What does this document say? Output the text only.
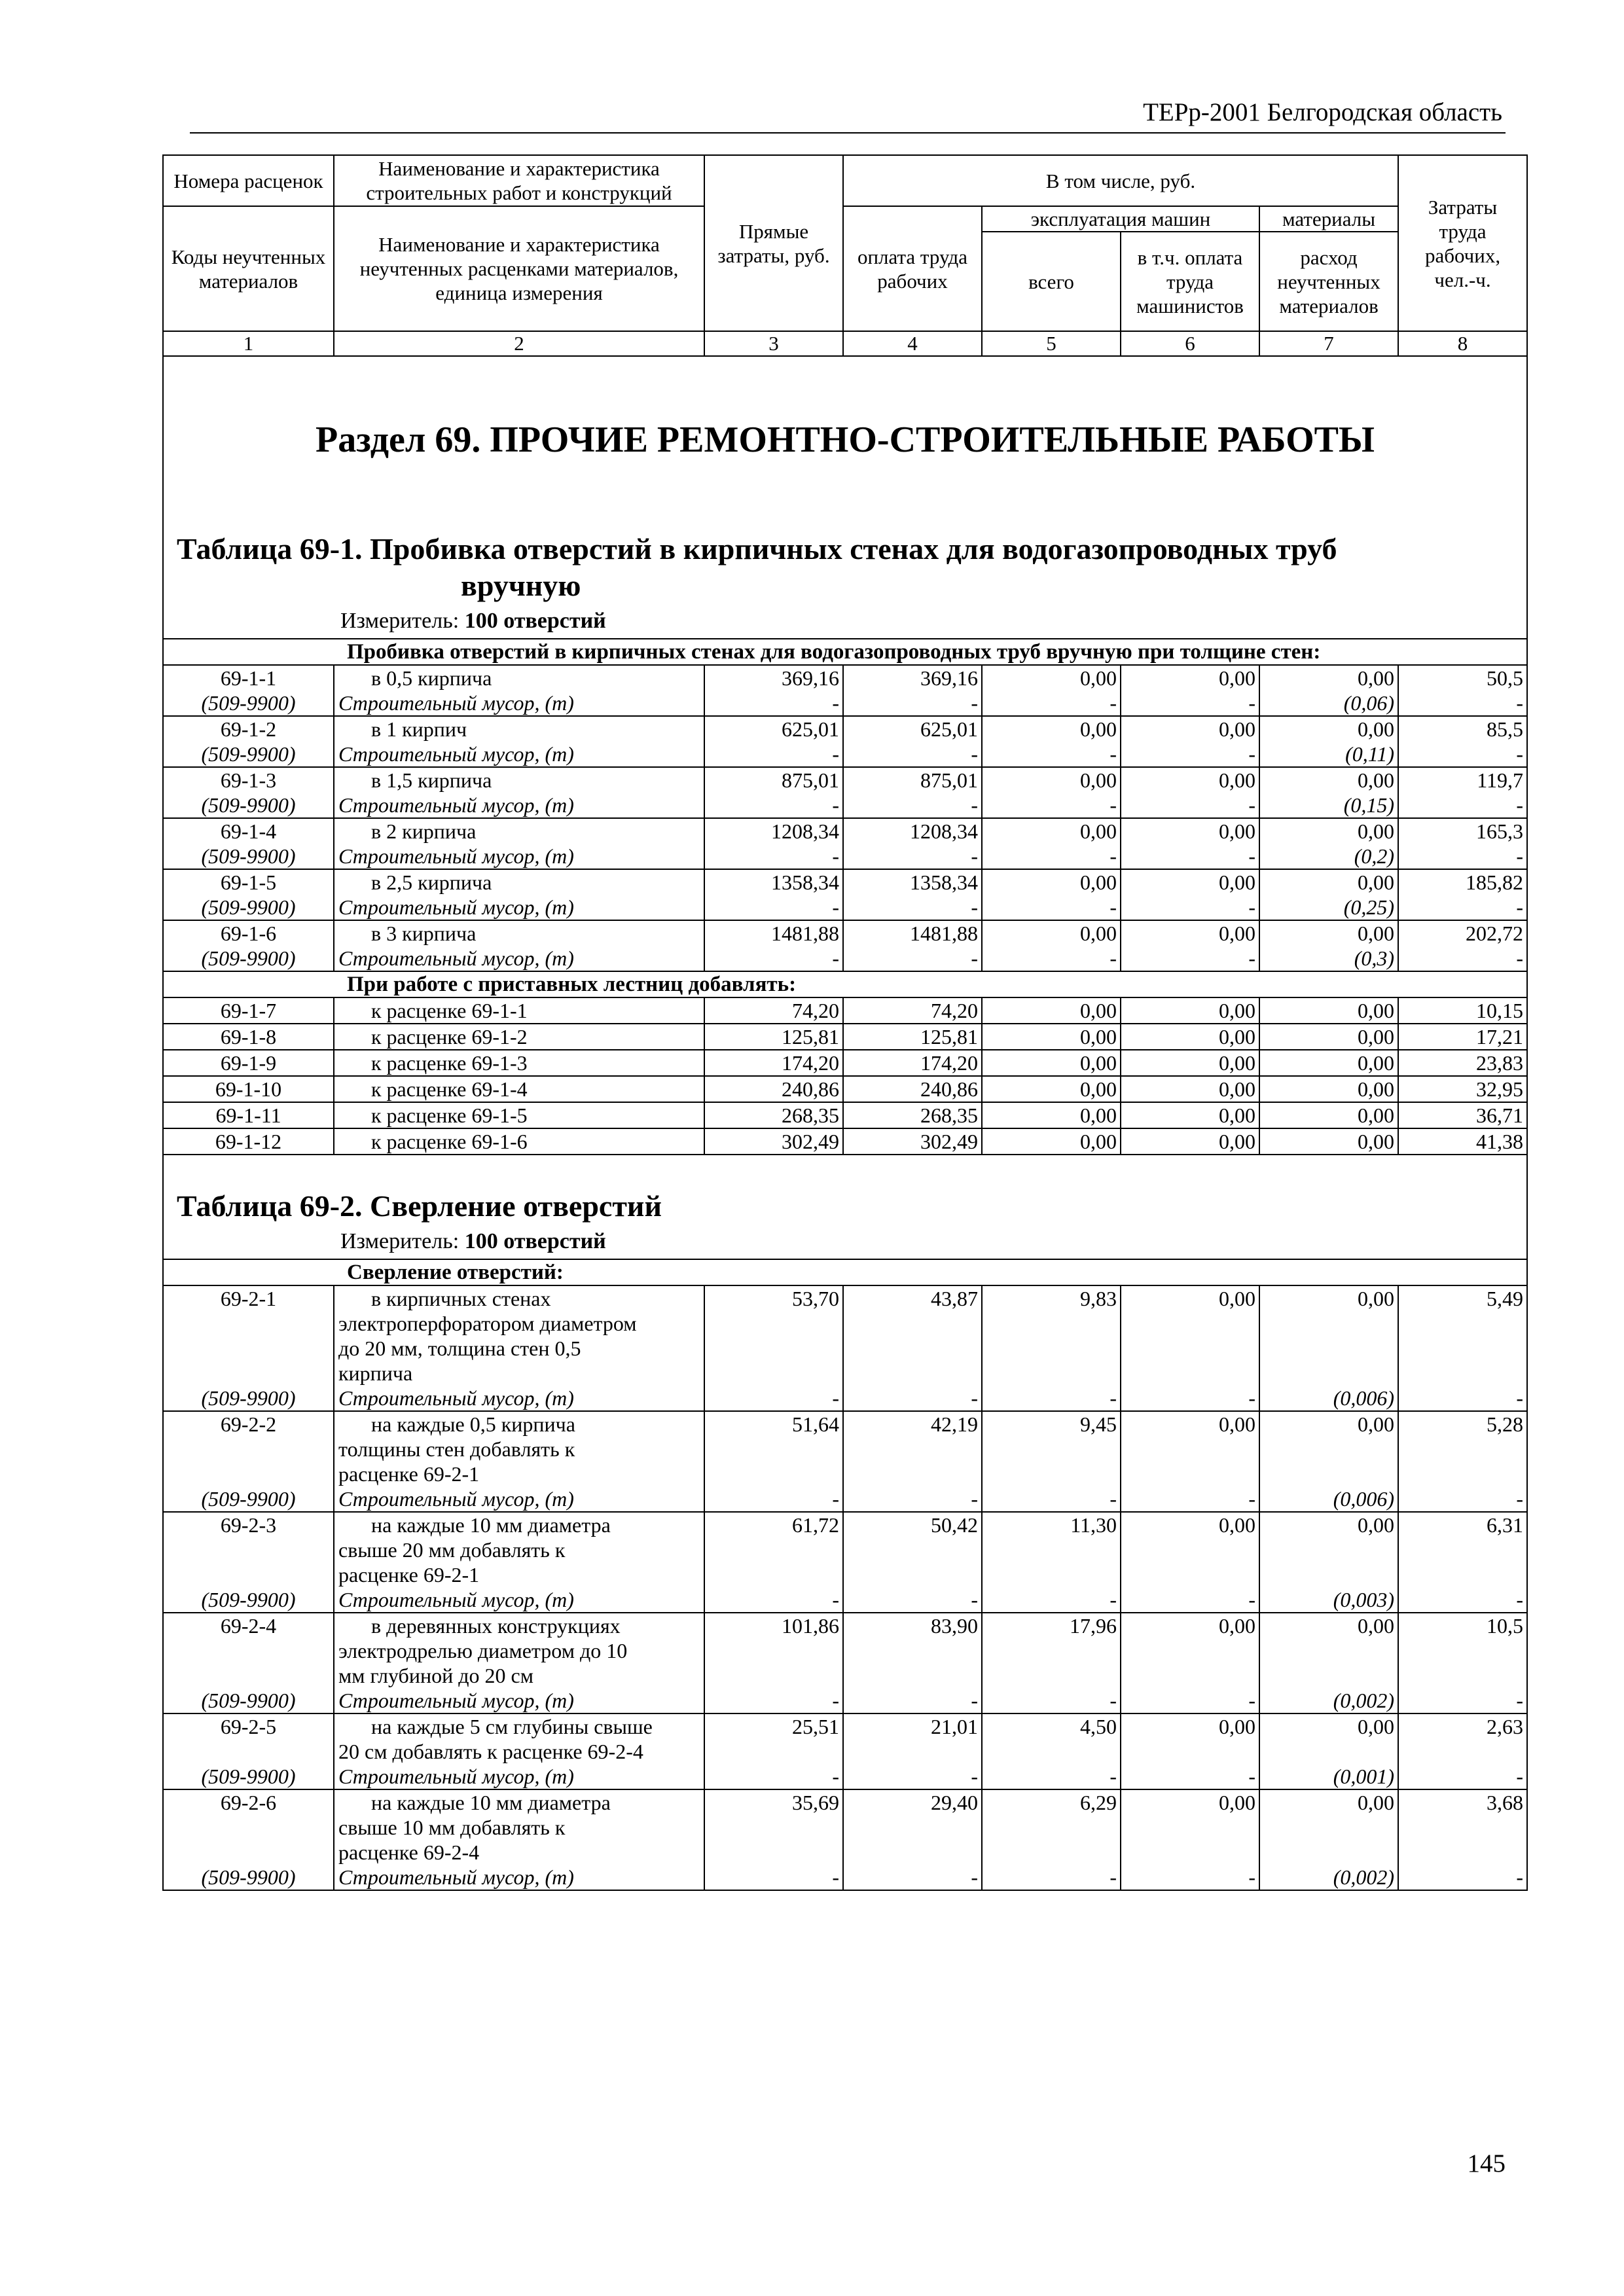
ТЕРр-2001 Белгородская область
Номера расценок	Наименование и характеристика строительных работ и конструкций	Прямые затраты, руб.	В том числе, руб.				Затраты труда рабочих, чел.-ч.
Коды неучтенных материалов	Наименование и характеристика неучтенных расценками материалов, единица измерения		оплата труда рабочих	эксплуатация машин		материалы	
				всего	в т.ч. оплата труда машинистов	расход неучтенных материалов	
1	2	3	4	5	6	7	8
Раздел 69. ПРОЧИЕ РЕМОНТНО-СТРОИТЕЛЬНЫЕ РАБОТЫ							

Таблица 69-1. Пробивка отверстий в кирпичных стенах для водогазопроводных труб
вручную							

Измеритель: 100 отверстий							
Пробивка отверстий в кирпичных стенах для водогазопроводных труб вручную при толщине стен:							
69-1-1	в 0,5 кирпича	369,16	369,16	0,00	0,00	0,00	50,5
(509-9900)	Строительный мусор, (т)	-	-	-	-	(0,06)	-
69-1-2	в 1 кирпич	625,01	625,01	0,00	0,00	0,00	85,5
(509-9900)	Строительный мусор, (т)	-	-	-	-	(0,11)	-
69-1-3	в 1,5 кирпича	875,01	875,01	0,00	0,00	0,00	119,7
(509-9900)	Строительный мусор, (т)	-	-	-	-	(0,15)	-
69-1-4	в 2 кирпича	1208,34	1208,34	0,00	0,00	0,00	165,3
(509-9900)	Строительный мусор, (т)	-	-	-	-	(0,2)	-
69-1-5	в 2,5 кирпича	1358,34	1358,34	0,00	0,00	0,00	185,82
(509-9900)	Строительный мусор, (т)	-	-	-	-	(0,25)	-
69-1-6	в 3 кирпича	1481,88	1481,88	0,00	0,00	0,00	202,72
(509-9900)	Строительный мусор, (т)	-	-	-	-	(0,3)	-
При работе с приставных лестниц добавлять:							
69-1-7	к расценке 69-1-1	74,20	74,20	0,00	0,00	0,00	10,15
69-1-8	к расценке 69-1-2	125,81	125,81	0,00	0,00	0,00	17,21
69-1-9	к расценке 69-1-3	174,20	174,20	0,00	0,00	0,00	23,83
69-1-10	к расценке 69-1-4	240,86	240,86	0,00	0,00	0,00	32,95
69-1-11	к расценке 69-1-5	268,35	268,35	0,00	0,00	0,00	36,71
69-1-12	к расценке 69-1-6	302,49	302,49	0,00	0,00	0,00	41,38

Таблица 69-2. Сверление отверстий							
Измеритель: 100 отверстий							
Сверление отверстий:							
69-2-1	в кирпичных стенах
электроперфоратором диаметром
до 20 мм, толщина стен 0,5
кирпича	53,70	43,87	9,83	0,00	0,00	5,49
(509-9900)	Строительный мусор, (т)	-	-	-	-	(0,006)	-
69-2-2	на каждые 0,5 кирпича
толщины стен добавлять к
расценке 69-2-1	51,64	42,19	9,45	0,00	0,00	5,28
(509-9900)	Строительный мусор, (т)	-	-	-	-	(0,006)	-
69-2-3	на каждые 10 мм диаметра
свыше 20 мм добавлять к
расценке 69-2-1	61,72	50,42	11,30	0,00	0,00	6,31
(509-9900)	Строительный мусор, (т)	-	-	-	-	(0,003)	-
69-2-4	в деревянных конструкциях
электродрелью диаметром до 10
мм глубиной до 20 см	101,86	83,90	17,96	0,00	0,00	10,5
(509-9900)	Строительный мусор, (т)	-	-	-	-	(0,002)	-
69-2-5	на каждые 5 см глубины свыше
20 см добавлять к расценке 69-2-4	25,51	21,01	4,50	0,00	0,00	2,63
(509-9900)	Строительный мусор, (т)	-	-	-	-	(0,001)	-
69-2-6	на каждые 10 мм диаметра
свыше 10 мм добавлять к
расценке 69-2-4	35,69	29,40	6,29	0,00	0,00	3,68
(509-9900)	Строительный мусор, (т)	-	-	-	-	(0,002)	-
145
